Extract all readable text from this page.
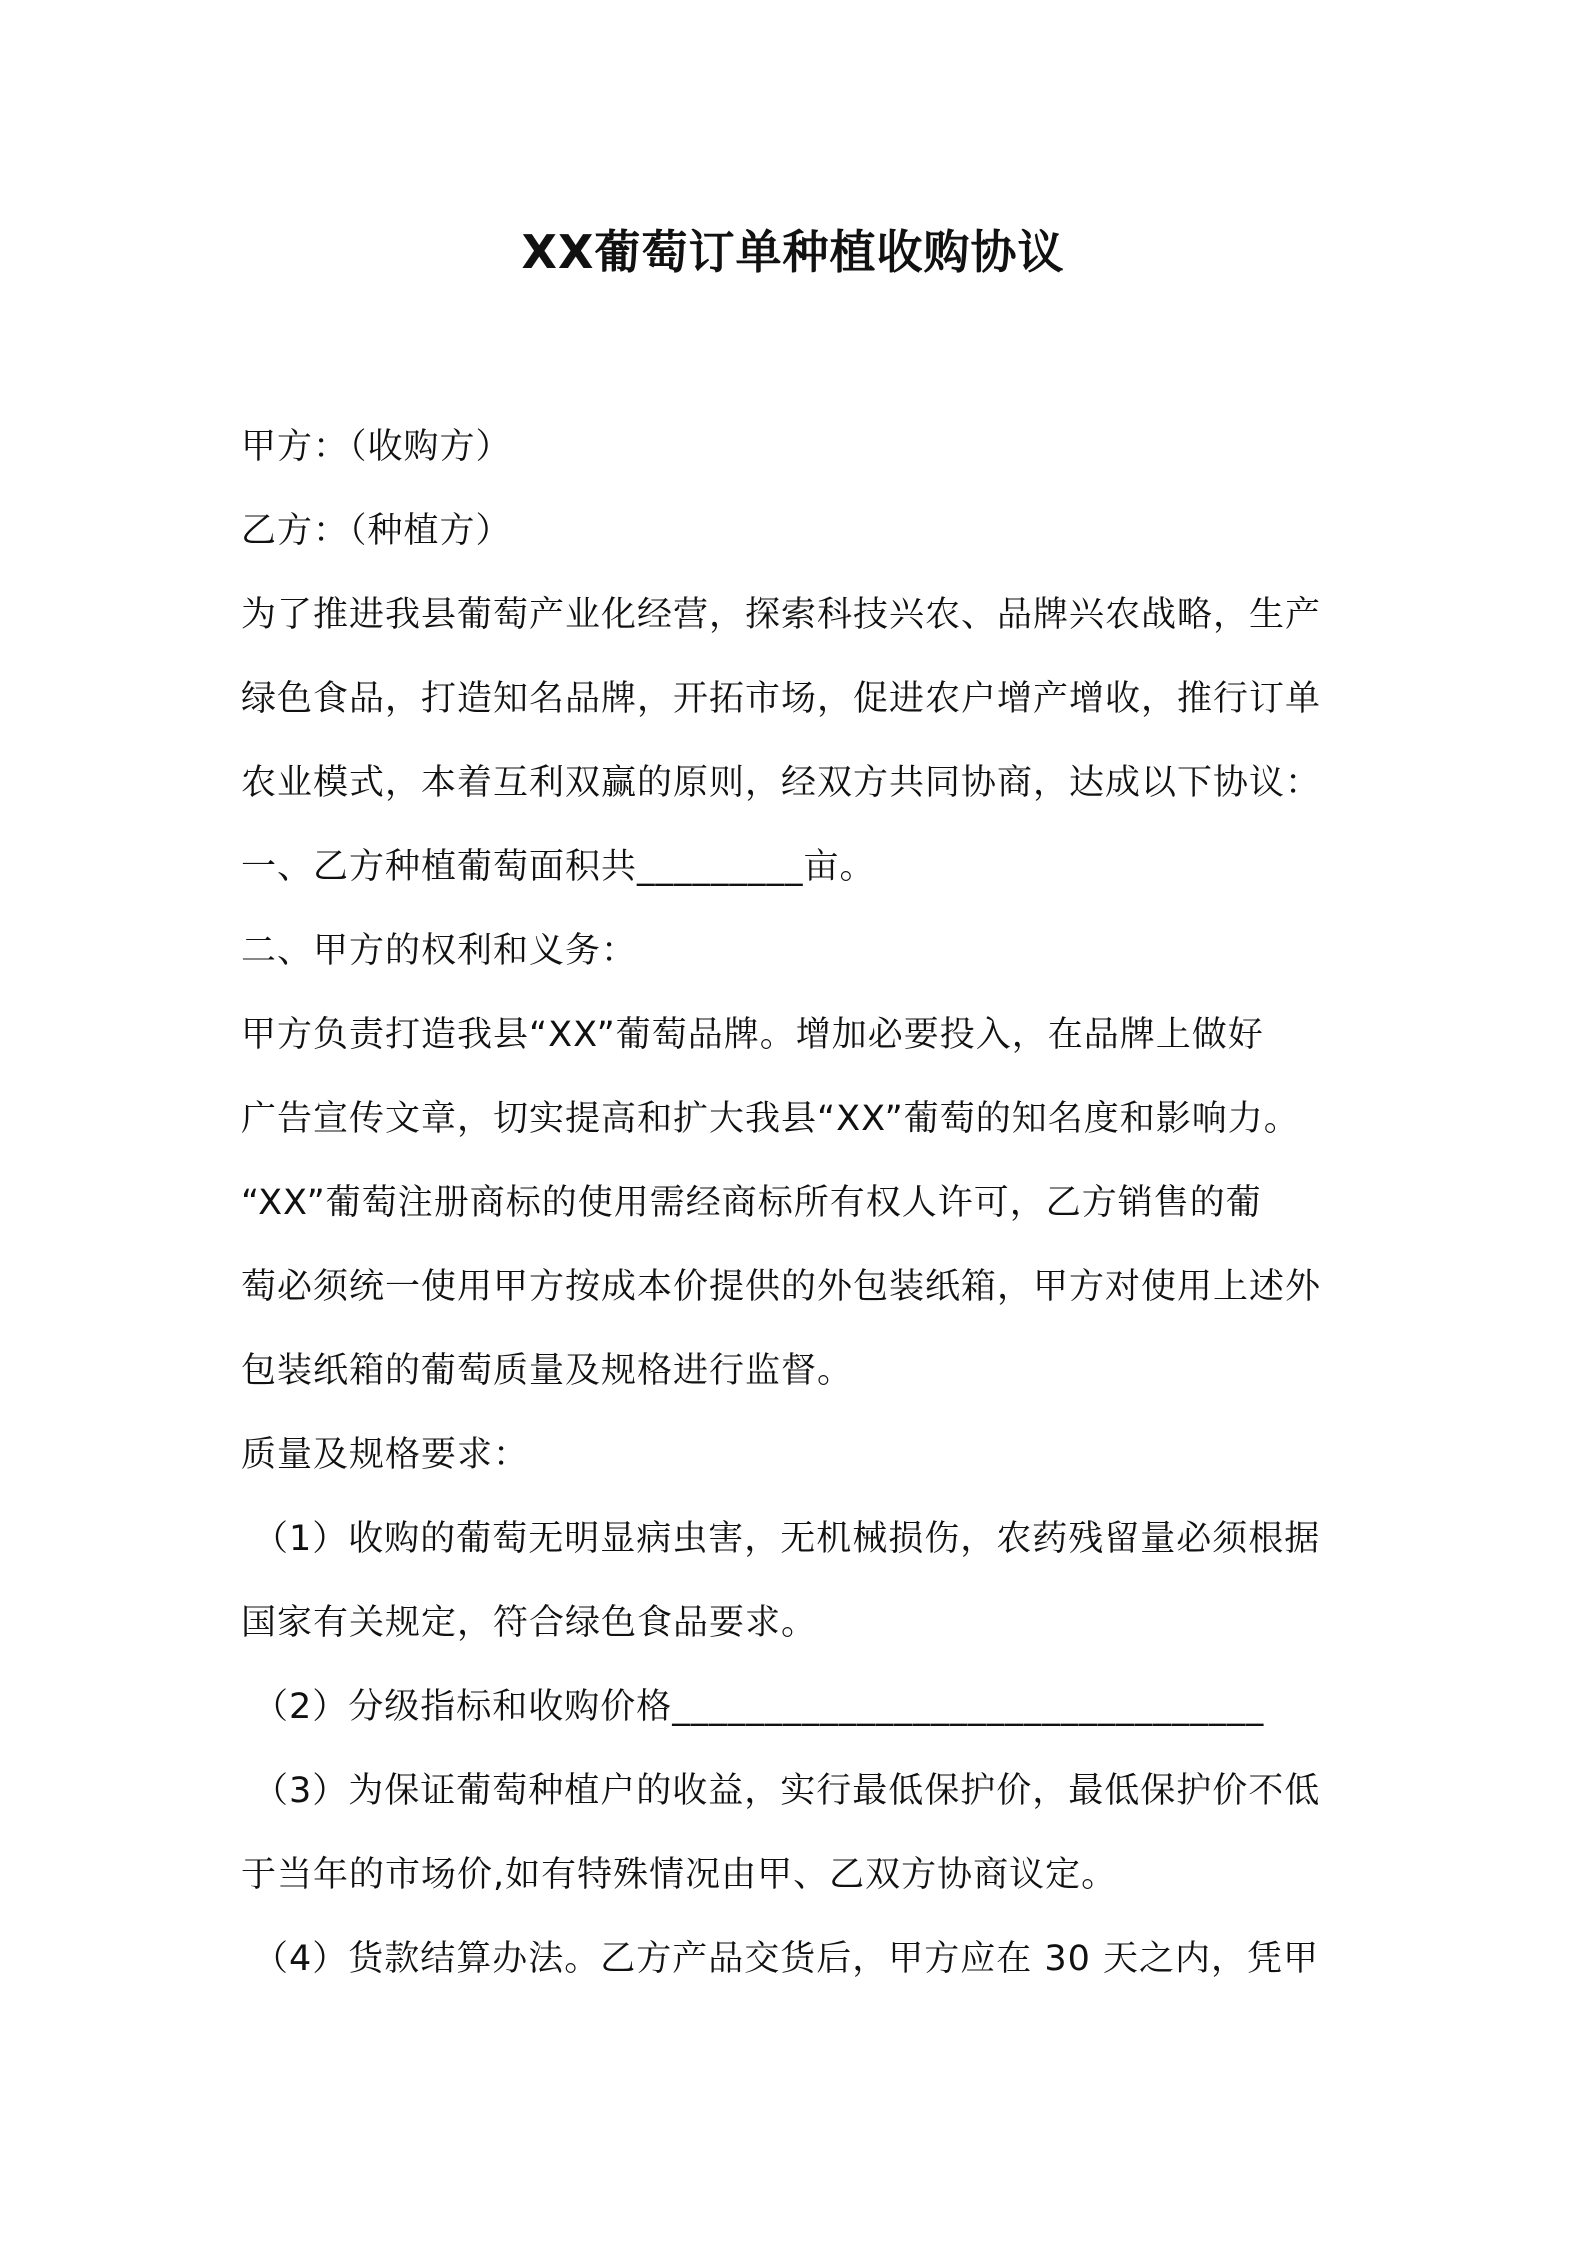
XX葡萄订单种植收购协议

甲方：（收购方）

乙方：（种植方）

为了推进我县葡萄产业化经营，探索科技兴农、品牌兴农战略，生产

绿色食品，打造知名品牌，开拓市场，促进农户增产增收，推行订单

农业模式，本着互利双赢的原则，经双方共同协商，达成以下协议：

一、乙方种植葡萄面积共_________亩。

二、甲方的权利和义务：

甲方负责打造我县“XX”葡萄品牌。增加必要投入，在品牌上做好

广告宣传文章，切实提高和扩大我县“XX”葡萄的知名度和影响力。

“XX”葡萄注册商标的使用需经商标所有权人许可，乙方销售的葡

萄必须统一使用甲方按成本价提供的外包装纸箱，甲方对使用上述外

包装纸箱的葡萄质量及规格进行监督。

质量及规格要求：

（1）收购的葡萄无明显病虫害，无机械损伤，农药残留量必须根据

国家有关规定，符合绿色食品要求。

（2）分级指标和收购价格________________________________

（3）为保证葡萄种植户的收益，实行最低保护价，最低保护价不低

于当年的市场价,如有特殊情况由甲、乙双方协商议定。

（4）货款结算办法。乙方产品交货后，甲方应在 30 天之内，凭甲
